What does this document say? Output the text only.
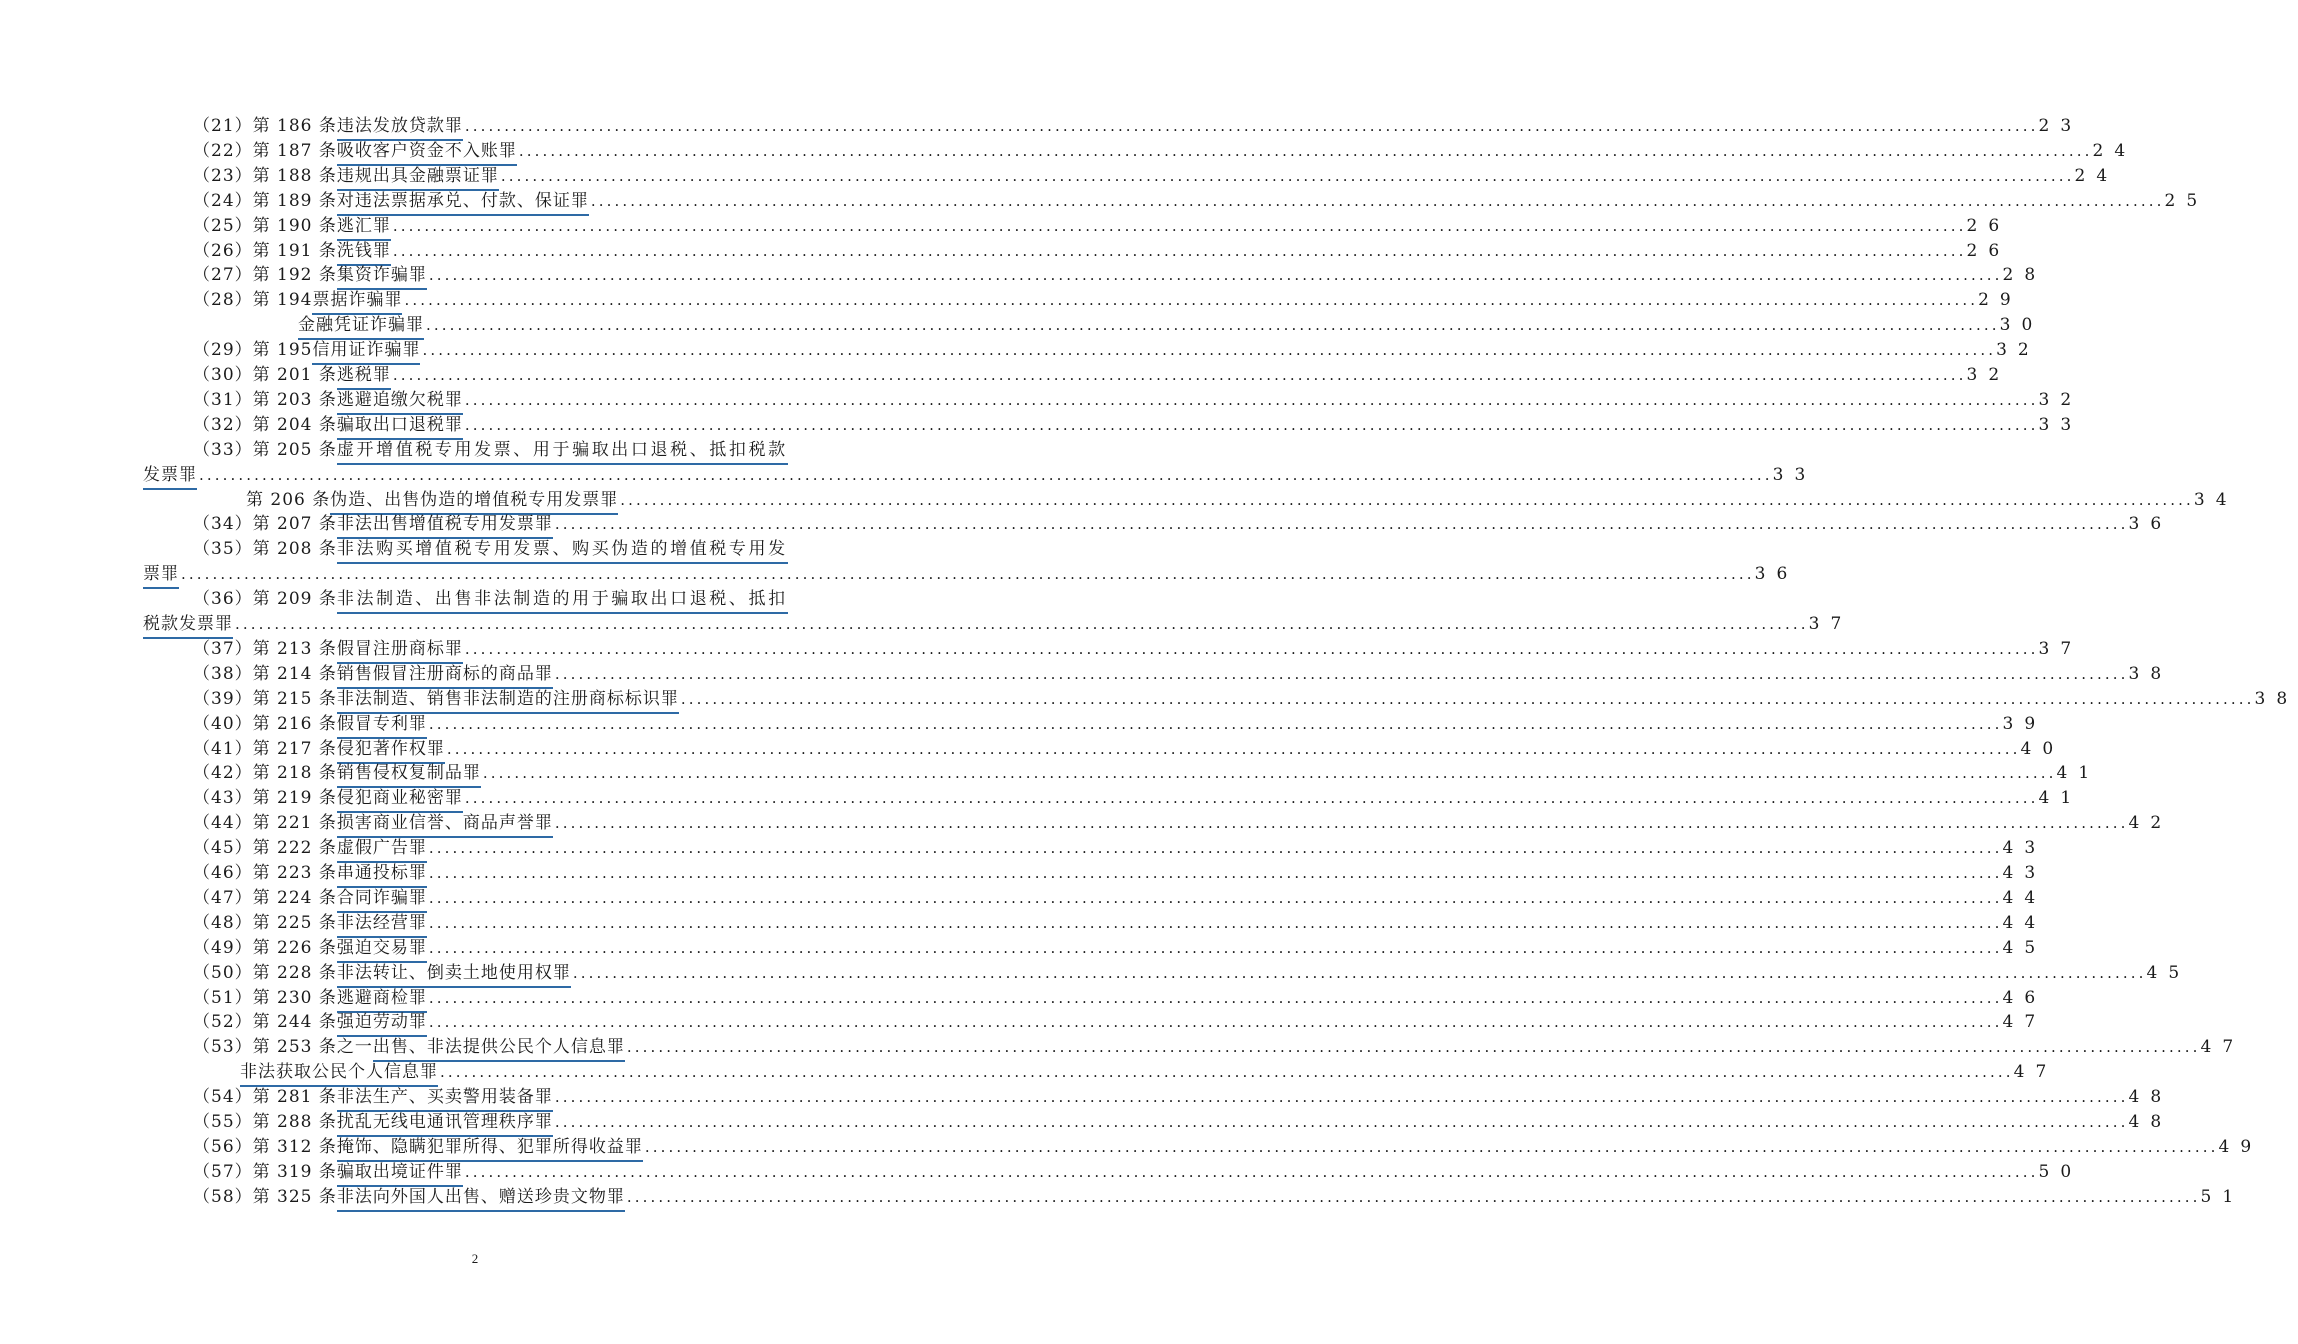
（21）第 186 条 违法发放贷款罪 ........................................................................................................................................................................................................ 23
（22）第 187 条 吸收客户资金不入账罪 ........................................................................................................................................................................................................ 24
（23）第 188 条 违规出具金融票证罪 ........................................................................................................................................................................................................ 24
（24）第 189 条 对违法票据承兑、付款、保证罪 ........................................................................................................................................................................................................ 25
（25）第 190 条 逃汇罪 ........................................................................................................................................................................................................ 26
（26）第 191 条 洗钱罪 ........................................................................................................................................................................................................ 26
（27）第 192 条 集资诈骗罪 ........................................................................................................................................................................................................ 28
（28）第 194 票据诈骗罪 ........................................................................................................................................................................................................ 29
金融凭证诈骗罪 ........................................................................................................................................................................................................ 30
（29）第 195 信用证诈骗罪 ........................................................................................................................................................................................................ 32
（30）第 201 条 逃税罪 ........................................................................................................................................................................................................ 32
（31）第 203 条 逃避追缴欠税罪 ........................................................................................................................................................................................................ 32
（32）第 204 条 骗取出口退税罪 ........................................................................................................................................................................................................ 33
（33）第 205 条 虚开增值税专用发票、用于骗取出口退税、抵扣税款
发票罪 ........................................................................................................................................................................................................ 33
第 206 条 伪造、出售伪造的增值税专用发票罪 ........................................................................................................................................................................................................ 34
（34）第 207 条 非法出售增值税专用发票罪 ........................................................................................................................................................................................................ 36
（35）第 208 条 非法购买增值税专用发票、购买伪造的增值税专用发
票罪 ........................................................................................................................................................................................................ 36
（36）第 209 条 非法制造、出售非法制造的用于骗取出口退税、抵扣
税款发票罪 ........................................................................................................................................................................................................ 37
（37）第 213 条 假冒注册商标罪 ........................................................................................................................................................................................................ 37
（38）第 214 条 销售假冒注册商标的商品罪 ........................................................................................................................................................................................................ 38
（39）第 215 条 非法制造、销售非法制造的注册商标标识罪 ........................................................................................................................................................................................................ 38
（40）第 216 条 假冒专利罪 ........................................................................................................................................................................................................ 39
（41）第 217 条 侵犯著作权罪 ........................................................................................................................................................................................................ 40
（42）第 218 条 销售侵权复制品罪 ........................................................................................................................................................................................................ 41
（43）第 219 条 侵犯商业秘密罪 ........................................................................................................................................................................................................ 41
（44）第 221 条 损害商业信誉、商品声誉罪 ........................................................................................................................................................................................................ 42
（45）第 222 条 虚假广告罪 ........................................................................................................................................................................................................ 43
（46）第 223 条 串通投标罪 ........................................................................................................................................................................................................ 43
（47）第 224 条 合同诈骗罪 ........................................................................................................................................................................................................ 44
（48）第 225 条 非法经营罪 ........................................................................................................................................................................................................ 44
（49）第 226 条 强迫交易罪 ........................................................................................................................................................................................................ 45
（50）第 228 条 非法转让、倒卖土地使用权罪 ........................................................................................................................................................................................................ 45
（51）第 230 条 逃避商检罪 ........................................................................................................................................................................................................ 46
（52）第 244 条 强迫劳动罪 ........................................................................................................................................................................................................ 47
（53）第 253 条之一 出售、非法提供公民个人信息罪 ........................................................................................................................................................................................................ 47
非法获取公民个人信息罪 ........................................................................................................................................................................................................ 47
（54）第 281 条 非法生产、买卖警用装备罪 ........................................................................................................................................................................................................ 48
（55）第 288 条 扰乱无线电通讯管理秩序罪 ........................................................................................................................................................................................................ 48
（56）第 312 条 掩饰、隐瞒犯罪所得、犯罪所得收益罪 ........................................................................................................................................................................................................ 49
（57）第 319 条 骗取出境证件罪 ........................................................................................................................................................................................................ 50
（58）第 325 条 非法向外国人出售、赠送珍贵文物罪 ........................................................................................................................................................................................................ 51
2
